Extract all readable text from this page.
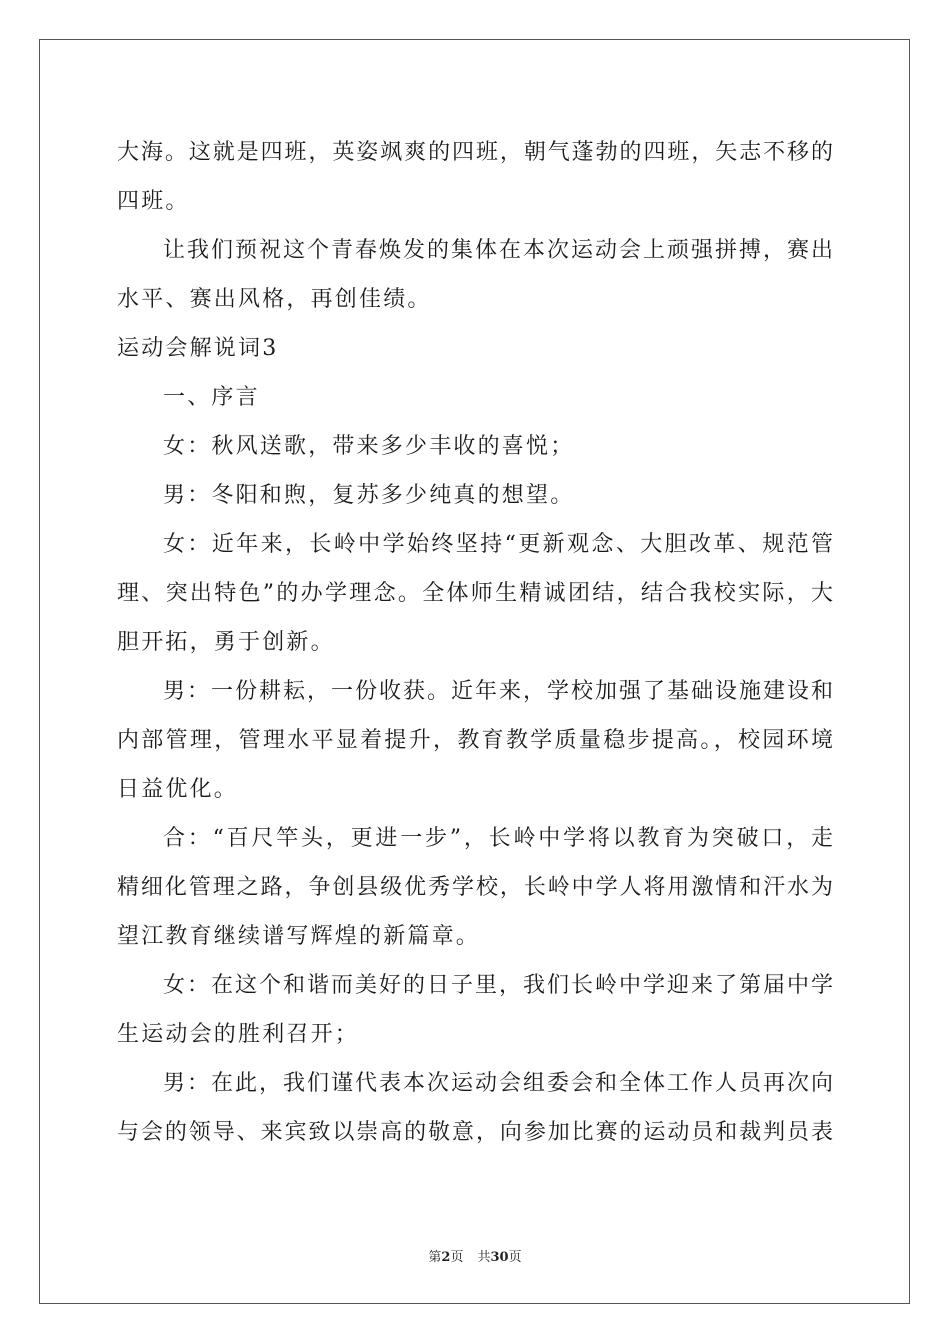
大海。这就是四班，英姿飒爽的四班，朝气蓬勃的四班，矢志不移的
四班。
让我们预祝这个青春焕发的集体在本次运动会上顽强拼搏，赛出
水平、赛出风格，再创佳绩。
运动会解说词3
一、序言
女：秋风送歌，带来多少丰收的喜悦；
男：冬阳和煦，复苏多少纯真的想望。
女：近年来，长岭中学始终坚持“更新观念、大胆改革、规范管
理、突出特色”的办学理念。全体师生精诚团结，结合我校实际，大
胆开拓，勇于创新。
男：一份耕耘，一份收获。近年来，学校加强了基础设施建设和
内部管理，管理水平显着提升，教育教学质量稳步提高。，校园环境
日益优化。
合：“百尺竿头，更进一步”，长岭中学将以教育为突破口，走
精细化管理之路，争创县级优秀学校，长岭中学人将用激情和汗水为
望江教育继续谱写辉煌的新篇章。
女：在这个和谐而美好的日子里，我们长岭中学迎来了第届中学
生运动会的胜利召开；
男：在此，我们谨代表本次运动会组委会和全体工作人员再次向
与会的领导、来宾致以崇高的敬意，向参加比赛的运动员和裁判员表
第2页 共30页
